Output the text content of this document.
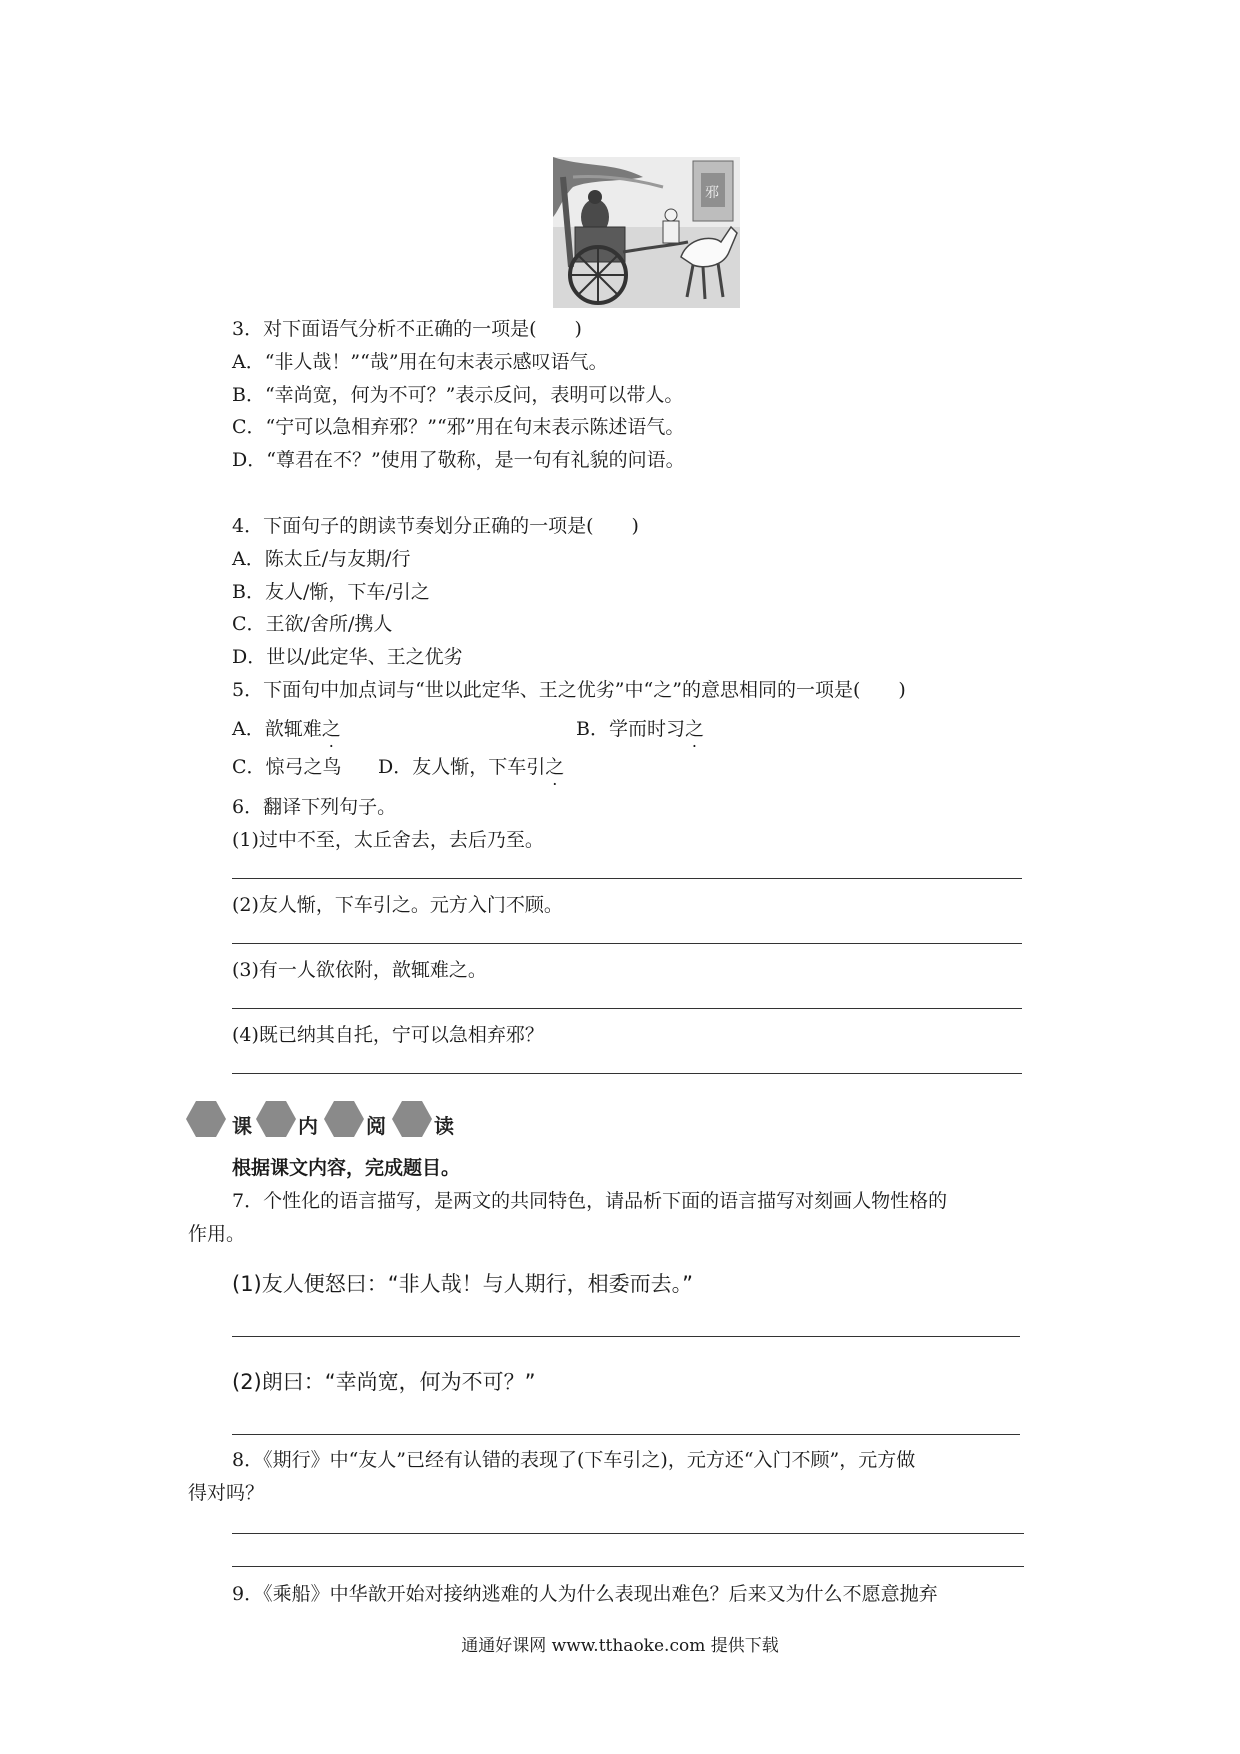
邪
3．对下面语气分析不正确的一项是(　　)
A．“非人哉！”“哉”用在句末表示感叹语气。
B．“幸尚宽，何为不可？”表示反问，表明可以带人。
C．“宁可以急相弃邪？”“邪”用在句末表示陈述语气。
D．“尊君在不？”使用了敬称，是一句有礼貌的问语。
4．下面句子的朗读节奏划分正确的一项是(　　)
A．陈太丘/与友期/行
B．友人/惭，下车/引之
C．王欲/舍所/携人
D．世以/此定华、王之优劣
5．下面句中加点词与“世以此定华、王之优劣”中“之”的意思相同的一项是(　　)
A．歆辄难之	B．学而时习之
C．惊弓之鸟 D．友人惭，下车引之
6．翻译下列句子。
(1)过中不至，太丘舍去，去后乃至。
(2)友人惭，下车引之。元方入门不顾。
(3)有一人欲依附，歆辄难之。
(4)既已纳其自托，宁可以急相弃邪？
课 内 阅 读
根据课文内容，完成题目。
7．个性化的语言描写，是两文的共同特色，请品析下面的语言描写对刻画人物性格的
作用。
(1)友人便怒曰：“非人哉！与人期行，相委而去。”
(2)朗曰：“幸尚宽，何为不可？”
8．《期行》中“友人”已经有认错的表现了(下车引之)，元方还“入门不顾”，元方做
得对吗？
9．《乘船》中华歆开始对接纳逃难的人为什么表现出难色？后来又为什么不愿意抛弃
通通好课网 www.tthaoke.com 提供下载
